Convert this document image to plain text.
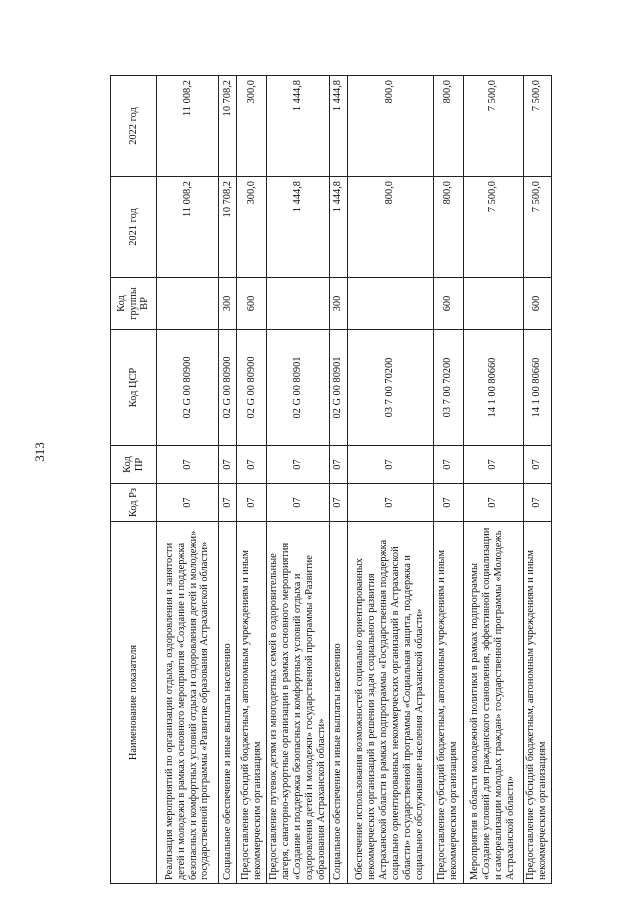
313
Наименование показателя	Код Рз	Код ПР	Код ЦСР	Код группы ВР	2021 год	2022 год
Реализация мероприятий по организации отдыха, оздоровления и занятости детей и молодежи в рамках основного мероприятия «Создание и поддержка безопасных и комфортных условий отдыха и оздоровления детей и молодежи» государственной программы «Развитие образования Астраханской области»	07	07	02 G 00 80900		11 008,2	11 008,2
Социальное обеспечение и иные выплаты населению	07	07	02 G 00 80900	300	10 708,2	10 708,2
Предоставление субсидий бюджетным, автономным учреждениям и иным некоммерческим организациям	07	07	02 G 00 80900	600	300,0	300,0
Предоставление путевок детям из многодетных семей в оздоровительные лагеря, санаторно-курортные организации в рамках основного мероприятия «Создание и поддержка безопасных и комфортных условий отдыха и оздоровления детей и молодежи» государственной программы «Развитие образования Астраханской области»	07	07	02 G 00 80901		1 444,8	1 444,8
Социальное обеспечение и иные выплаты населению	07	07	02 G 00 80901	300	1 444,8	1 444,8
Обеспечение использования возможностей социально ориентированных некоммерческих организаций в решении задач социального развития Астраханской области в рамках подпрограммы «Государственная поддержка социально ориентированных некоммерческих организаций в Астраханской области» государственной программы «Социальная защита, поддержка и социальное обслуживание населения Астраханской области»	07	07	03 7 00 70200		800,0	800,0
Предоставление субсидий бюджетным, автономным учреждениям и иным некоммерческим организациям	07	07	03 7 00 70200	600	800,0	800,0
Мероприятия в области молодежной политики в рамках подпрограммы «Создание условий для гражданского становления, эффективной социализации и самореализации молодых граждан» государственной программы «Молодежь Астраханской области»	07	07	14 1 00 80660		7 500,0	7 500,0
Предоставление субсидий бюджетным, автономным учреждениям и иным некоммерческим организациям	07	07	14 1 00 80660	600	7 500,0	7 500,0
